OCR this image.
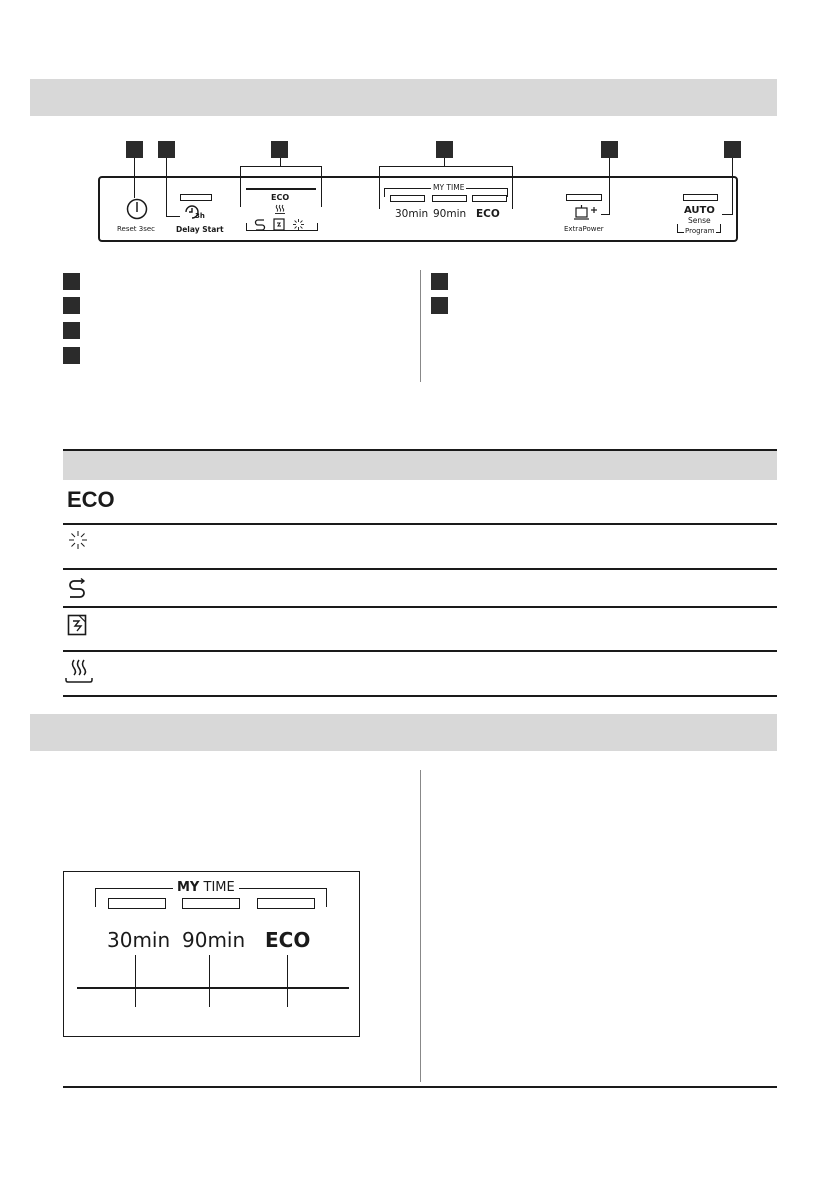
Reset 3sec
3h
Delay Start
ECO
MY TIME
30min 90min ECO
ExtraPower
AUTO
Sense
Program
ECO
MY TIME
30min 90min ECO
